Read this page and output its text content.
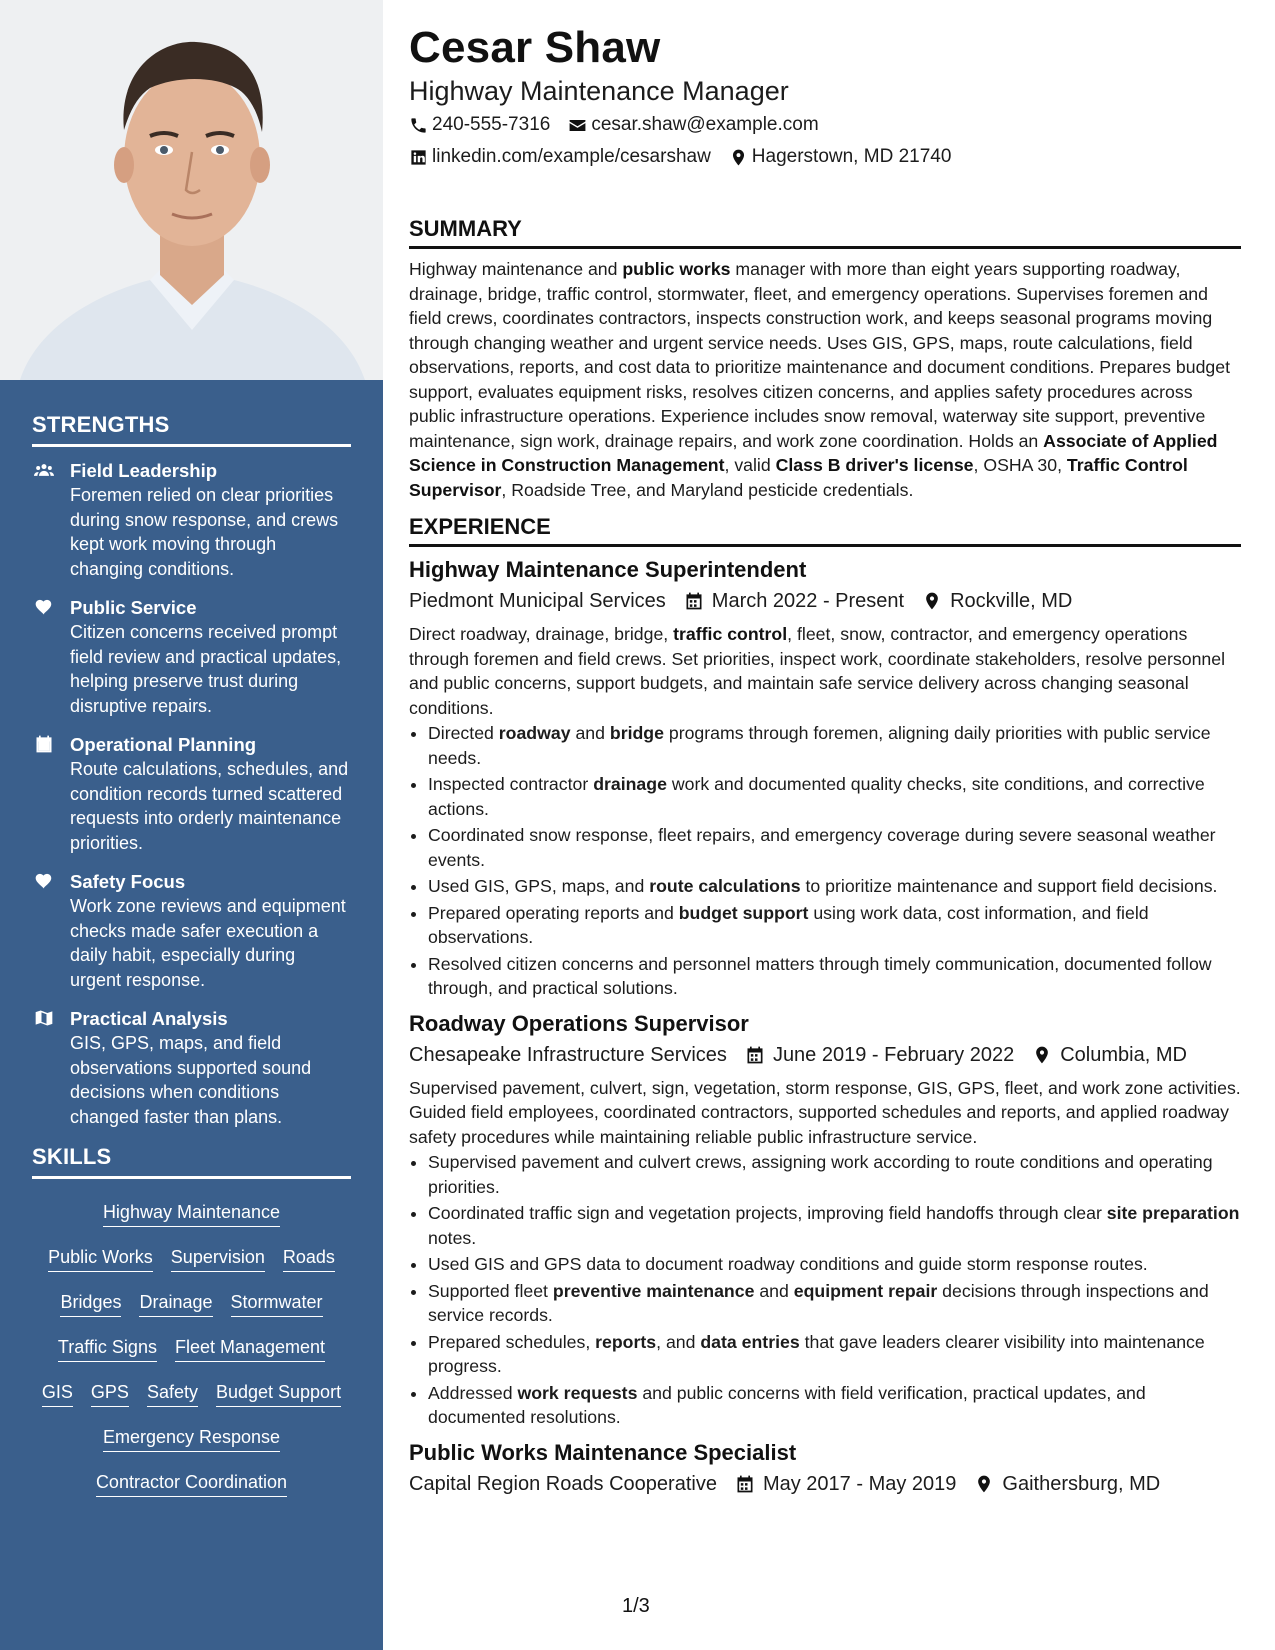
STRENGTHS
Field Leadership
Foremen relied on clear priorities during snow response, and crews kept work moving through changing conditions.
Public Service
Citizen concerns received prompt field review and practical updates, helping preserve trust during disruptive repairs.
Operational Planning
Route calculations, schedules, and condition records turned scattered requests into orderly maintenance priorities.
Safety Focus
Work zone reviews and equipment checks made safer execution a daily habit, especially during urgent response.
Practical Analysis
GIS, GPS, maps, and field observations supported sound decisions when conditions changed faster than plans.
SKILLS
Highway Maintenance
Public Works Supervision Roads
Bridges Drainage Stormwater
Traffic Signs Fleet Management
GIS GPS Safety Budget Support
Emergency Response
Contractor Coordination
Cesar Shaw
Highway Maintenance Manager
240-555-7316 cesar.shaw@example.com
linkedin.com/example/cesarshaw Hagerstown, MD 21740
SUMMARY
Highway maintenance and public works manager with more than eight years supporting roadway, drainage, bridge, traffic control, stormwater, fleet, and emergency operations. Supervises foremen and field crews, coordinates contractors, inspects construction work, and keeps seasonal programs moving through changing weather and urgent service needs. Uses GIS, GPS, maps, route calculations, field observations, reports, and cost data to prioritize maintenance and document conditions. Prepares budget support, evaluates equipment risks, resolves citizen concerns, and applies safety procedures across public infrastructure operations. Experience includes snow removal, waterway site support, preventive maintenance, sign work, drainage repairs, and work zone coordination. Holds an Associate of Applied Science in Construction Management, valid Class B driver's license, OSHA 30, Traffic Control Supervisor, Roadside Tree, and Maryland pesticide credentials.
EXPERIENCE
Highway Maintenance Superintendent
Piedmont Municipal Services March 2022 - Present Rockville, MD
Direct roadway, drainage, bridge, traffic control, fleet, snow, contractor, and emergency operations through foremen and field crews. Set priorities, inspect work, coordinate stakeholders, resolve personnel and public concerns, support budgets, and maintain safe service delivery across changing seasonal conditions.
• Directed roadway and bridge programs through foremen, aligning daily priorities with public service needs.
• Inspected contractor drainage work and documented quality checks, site conditions, and corrective actions.
• Coordinated snow response, fleet repairs, and emergency coverage during severe seasonal weather events.
• Used GIS, GPS, maps, and route calculations to prioritize maintenance and support field decisions.
• Prepared operating reports and budget support using work data, cost information, and field observations.
• Resolved citizen concerns and personnel matters through timely communication, documented follow through, and practical solutions.
Roadway Operations Supervisor
Chesapeake Infrastructure Services June 2019 - February 2022 Columbia, MD
Supervised pavement, culvert, sign, vegetation, storm response, GIS, GPS, fleet, and work zone activities. Guided field employees, coordinated contractors, supported schedules and reports, and applied roadway safety procedures while maintaining reliable public infrastructure service.
• Supervised pavement and culvert crews, assigning work according to route conditions and operating priorities.
• Coordinated traffic sign and vegetation projects, improving field handoffs through clear site preparation notes.
• Used GIS and GPS data to document roadway conditions and guide storm response routes.
• Supported fleet preventive maintenance and equipment repair decisions through inspections and service records.
• Prepared schedules, reports, and data entries that gave leaders clearer visibility into maintenance progress.
• Addressed work requests and public concerns with field verification, practical updates, and documented resolutions.
Public Works Maintenance Specialist
Capital Region Roads Cooperative May 2017 - May 2019 Gaithersburg, MD
1/3
